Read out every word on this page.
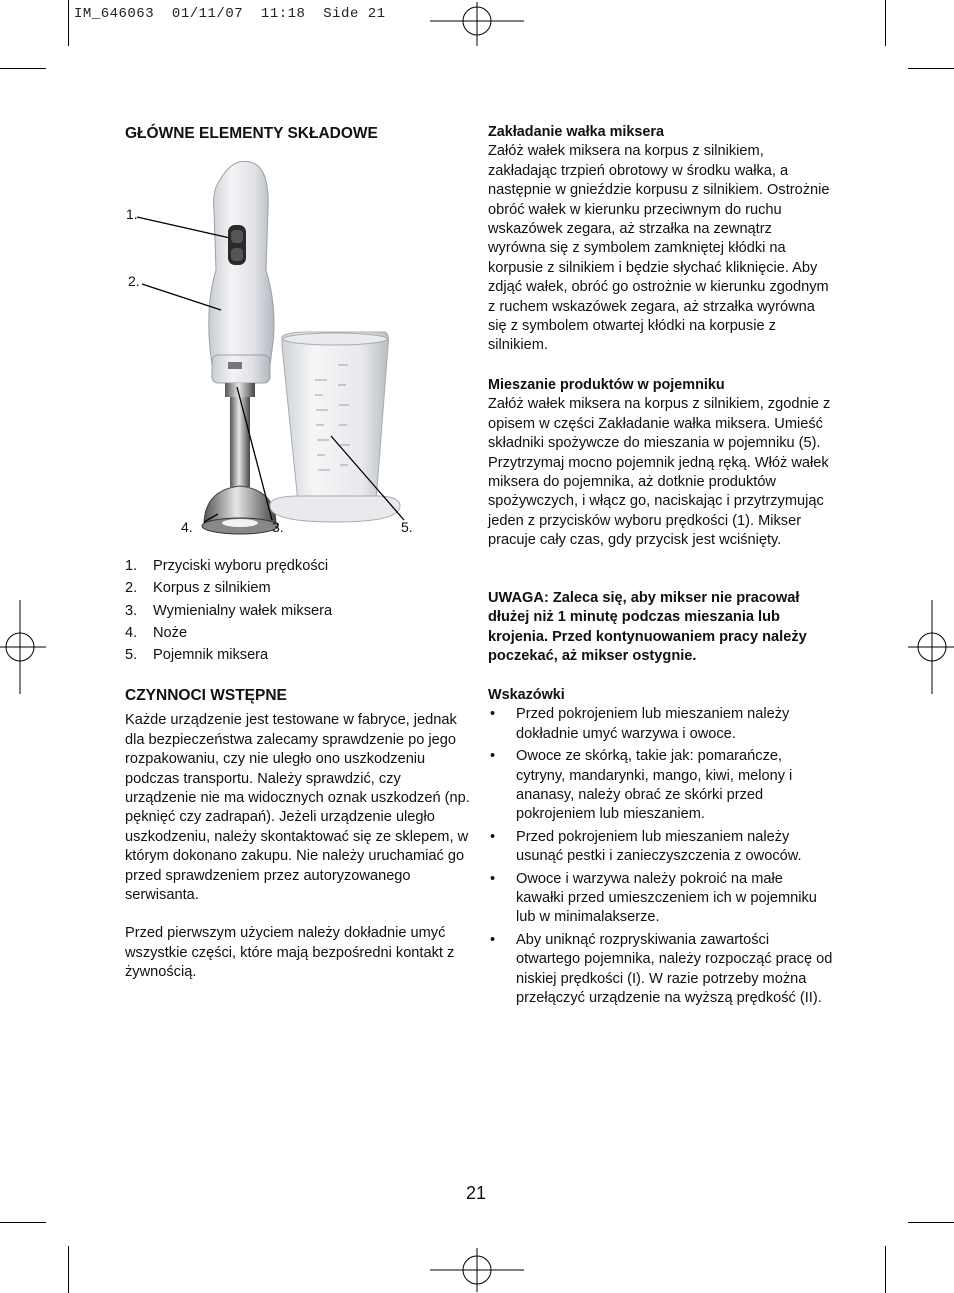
IM_646063  01/11/07  11:18  Side 21
GŁÓWNE ELEMENTY SKŁADOWE
1.
2.
4.	3.	5.
1.	Przyciski wyboru prędkości
2.	Korpus z silnikiem
3.	Wymienialny wałek miksera
4.	Noże
5.	Pojemnik miksera
CZYNNOCI WSTĘPNE

Każde urządzenie jest testowane w fabryce, jednak dla bezpieczeństwa zalecamy sprawdzenie po jego rozpakowaniu, czy nie uległo ono uszkodzeniu podczas transportu. Należy sprawdzić, czy urządzenie nie ma widocznych oznak uszkodzeń (np. pęknięć czy zadrapań). Jeżeli urządzenie uległo uszkodzeniu, należy skontaktować się ze sklepem, w którym dokonano zakupu. Nie należy uruchamiać go przed sprawdzeniem przez autoryzowanego serwisanta.

Przed pierwszym użyciem należy dokładnie umyć wszystkie części, które mają bezpośredni kontakt z żywnością.

Zakładanie wałka miksera

Załóż wałek miksera na korpus z silnikiem, zakładając trzpień obrotowy w środku wałka, a następnie w gnieździe korpusu z silnikiem. Ostrożnie obróć wałek w kierunku przeciwnym do ruchu wskazówek zegara, aż strzałka na zewnątrz wyrówna się z symbolem zamkniętej kłódki na korpusie z silnikiem i będzie słychać kliknięcie. Aby zdjąć wałek, obróć go ostrożnie w kierunku zgodnym z ruchem wskazówek zegara, aż strzałka wyrówna się z symbolem otwartej kłódki na korpusie z silnikiem.

Mieszanie produktów w pojemniku

Załóż wałek miksera na korpus z silnikiem, zgodnie z opisem w części Zakładanie wałka miksera. Umieść składniki spożywcze do mieszania w pojemniku (5). Przytrzymaj mocno pojemnik jedną ręką. Włóż wałek miksera do pojemnika, aż dotknie produktów spożywczych, i włącz go, naciskając i przytrzymując jeden z przycisków wyboru prędkości (1). Mikser pracuje cały czas, gdy przycisk jest wciśnięty.

UWAGA: Zaleca się, aby mikser nie pracował dłużej niż 1 minutę podczas mieszania lub krojenia. Przed kontynuowaniem pracy należy poczekać, aż mikser ostygnie.

Wskazówki
• Przed pokrojeniem lub mieszaniem należy dokładnie umyć warzywa i owoce.
• Owoce ze skórką, takie jak: pomarańcze, cytryny, mandarynki, mango, kiwi, melony i ananasy, należy obrać ze skórki przed pokrojeniem lub mieszaniem.
• Przed pokrojeniem lub mieszaniem należy usunąć pestki i zanieczyszczenia z owoców.
• Owoce i warzywa należy pokroić na małe kawałki przed umieszczeniem ich w pojemniku lub w minimalakserze.
• Aby uniknąć rozpryskiwania zawartości otwartego pojemnika, należy rozpocząć pracę od niskiej prędkości (I). W razie potrzeby można przełączyć urządzenie na wyższą prędkość (II).
21
